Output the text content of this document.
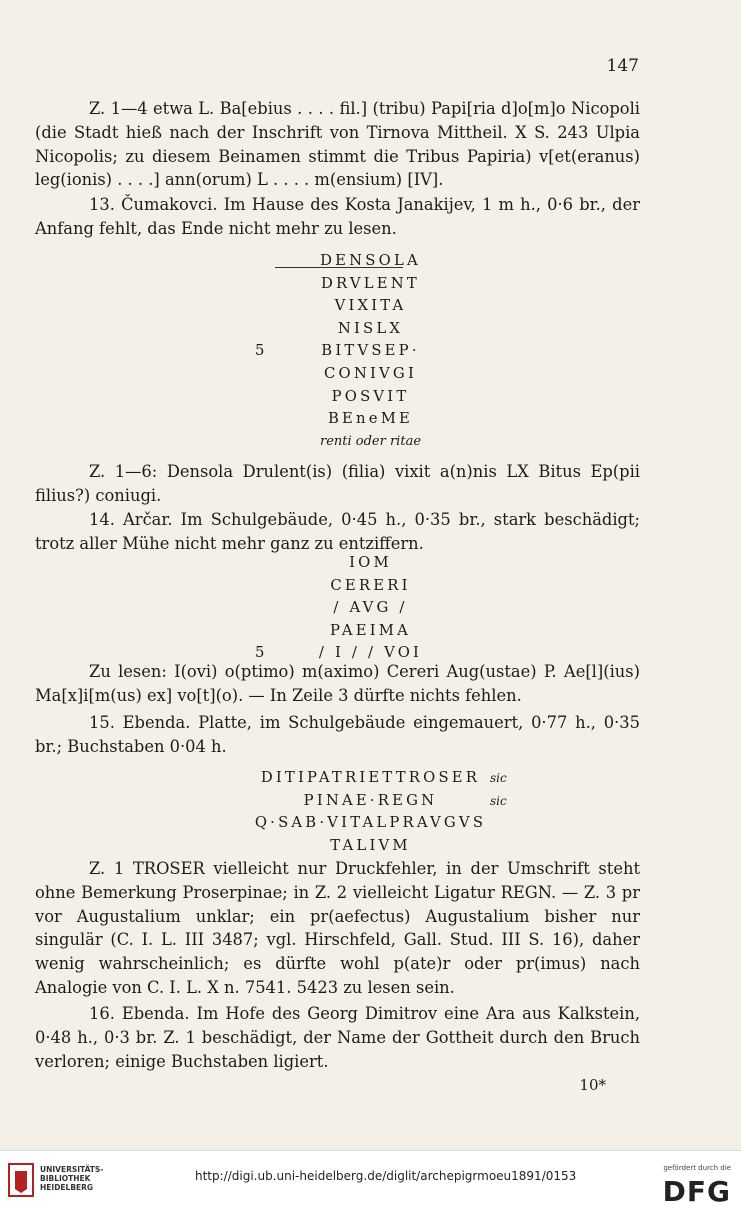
147
Z. 1—4 etwa L. Ba[ebius . . . . fil.] (tribu) Papi[ria d]o[m]o Nicopoli (die Stadt hieß nach der Inschrift von Tirnova Mittheil. X S. 243 Ulpia Nicopolis; zu diesem Beinamen stimmt die Tribus Papiria) v[et(eranus) leg(ionis) . . . .] ann(orum) L . . . . m(ensium) [IV].
13. Čumakovci. Im Hause des Kosta Janakijev, 1 m h., 0·6 br., der Anfang fehlt, das Ende nicht mehr zu lesen.
DENSOLA
DRVLENT
VIXITA
NISLX
5	BITVSEP·
CONIVGI
POSVIT
BEneME
renti oder ritae
Z. 1—6: Densola Drulent(is) (filia) vixit a(n)nis LX Bitus Ep(pii filius?) coniugi.
14. Arčar. Im Schulgebäude, 0·45 h., 0·35 br., stark beschädigt; trotz aller Mühe nicht mehr ganz zu entziffern.
IOM
CERERI
/ AVG /
PAEIMA
5	/ I / / VOI
Zu lesen: I(ovi) o(ptimo) m(aximo) Cereri Aug(ustae) P. Ae[l](ius) Ma[x]i[m(us) ex] vo[t](o). — In Zeile 3 dürfte nichts fehlen.
15. Ebenda. Platte, im Schulgebäude eingemauert, 0·77 h., 0·35 br.; Buchstaben 0·04 h.
DITIPATRIETTROSER sic
PINAE·REGN	sic
Q·SAB·VITALPRAVGVS
TALIVM
Z. 1 TROSER vielleicht nur Druckfehler, in der Umschrift steht ohne Bemerkung Proserpinae; in Z. 2 vielleicht Ligatur REGN. — Z. 3 pr vor Augustalium unklar; ein pr(aefectus) Augustalium bisher nur singulär (C. I. L. III 3487; vgl. Hirschfeld, Gall. Stud. III S. 16), daher wenig wahrscheinlich; es dürfte wohl p(ate)r oder pr(imus) nach Analogie von C. I. L. X n. 7541. 5423 zu lesen sein.
16. Ebenda. Im Hofe des Georg Dimitrov eine Ara aus Kalkstein, 0·48 h., 0·3 br. Z. 1 beschädigt, der Name der Gottheit durch den Bruch verloren; einige Buchstaben ligiert.
10*
UNIVERSITÄTS- BIBLIOTHEK HEIDELBERG
http://digi.ub.uni-heidelberg.de/diglit/archepigrmoeu1891/0153
gefördert durch die
DFG
